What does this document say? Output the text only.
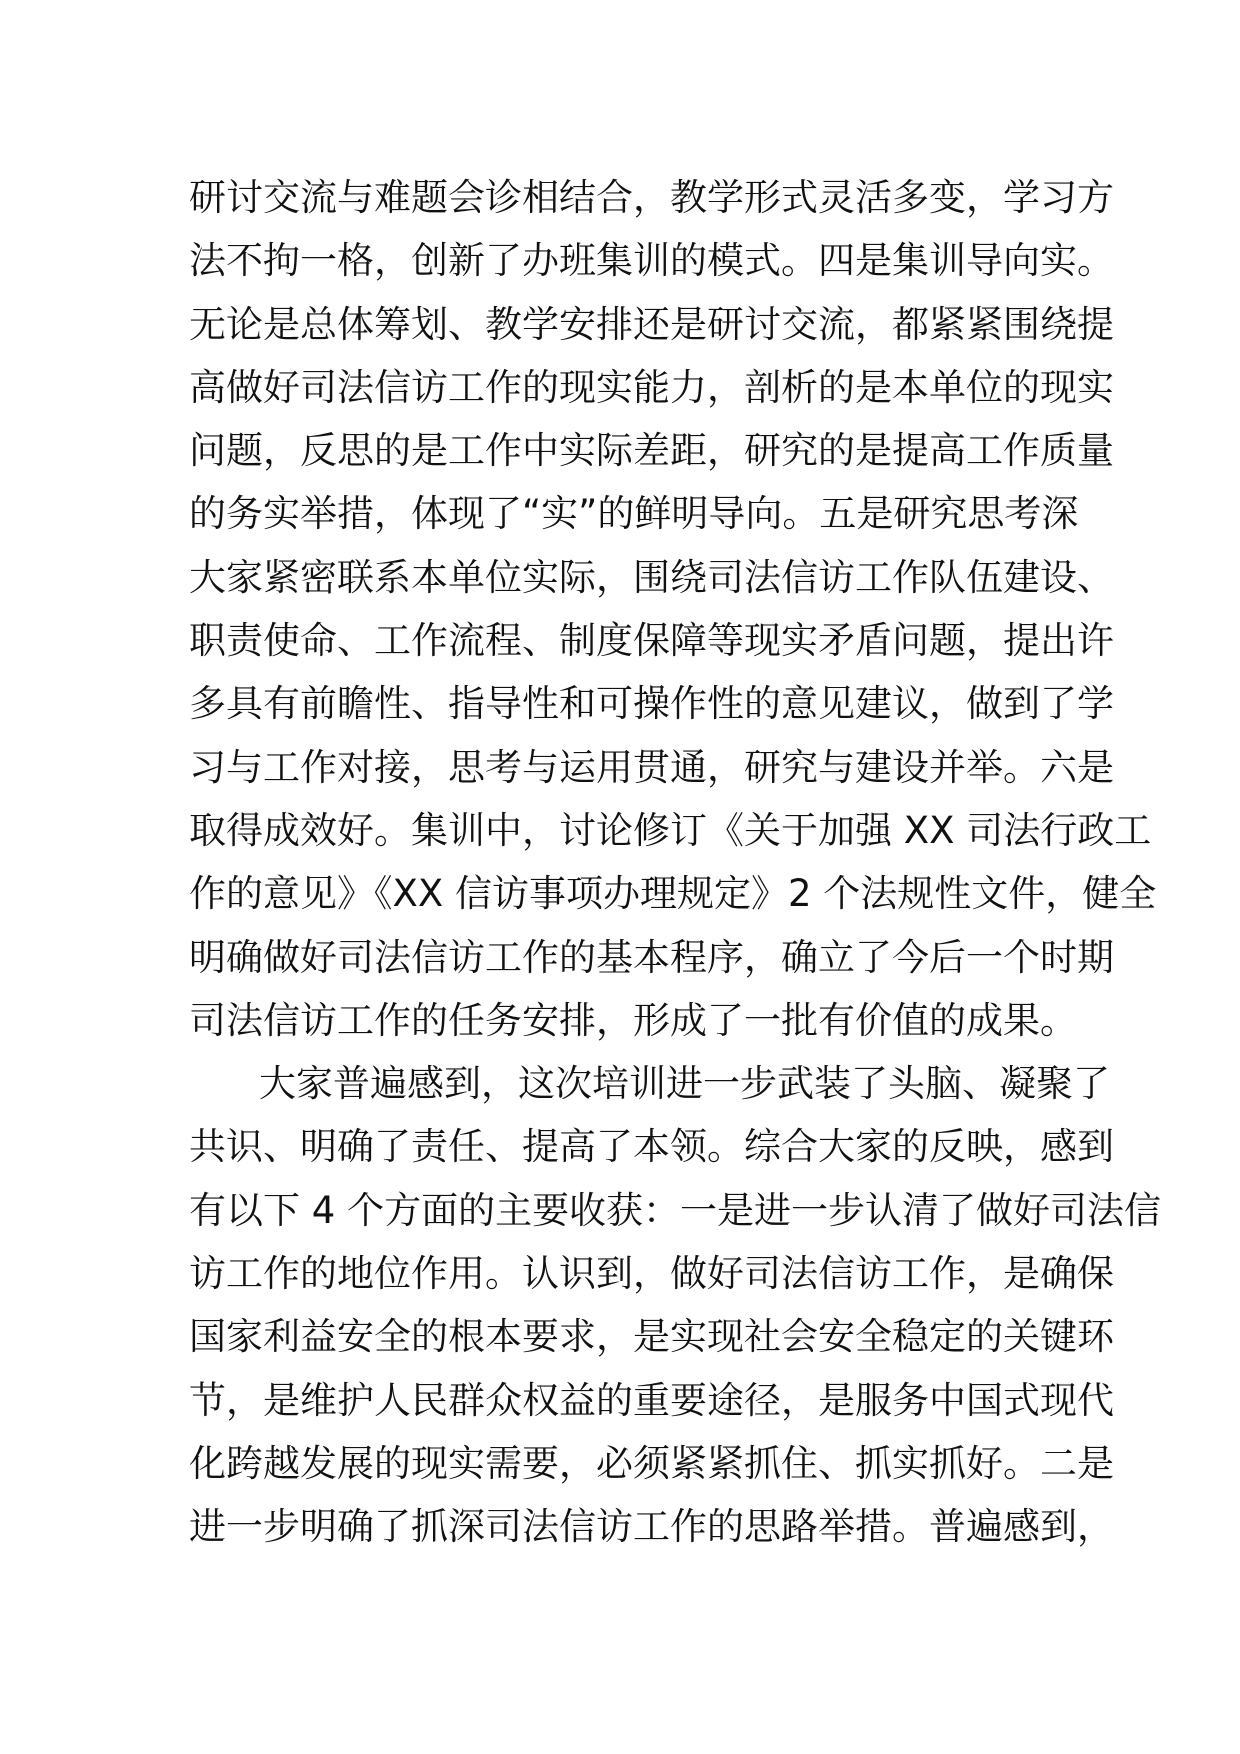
研讨交流与难题会诊相结合，教学形式灵活多变，学习方
法不拘一格，创新了办班集训的模式。四是集训导向实。
无论是总体筹划、教学安排还是研讨交流，都紧紧围绕提
高做好司法信访工作的现实能力，剖析的是本单位的现实
问题，反思的是工作中实际差距，研究的是提高工作质量
的务实举措，体现了“实”的鲜明导向。五是研究思考深
大家紧密联系本单位实际，围绕司法信访工作队伍建设、
职责使命、工作流程、制度保障等现实矛盾问题，提出许
多具有前瞻性、指导性和可操作性的意见建议，做到了学
习与工作对接，思考与运用贯通，研究与建设并举。六是
取得成效好。集训中，讨论修订《关于加强 XX 司法行政工
作的意见》《XX 信访事项办理规定》2 个法规性文件，健全
明确做好司法信访工作的基本程序，确立了今后一个时期
司法信访工作的任务安排，形成了一批有价值的成果。
大家普遍感到，这次培训进一步武装了头脑、凝聚了
共识、明确了责任、提高了本领。综合大家的反映，感到
有以下 4 个方面的主要收获：一是进一步认清了做好司法信
访工作的地位作用。认识到，做好司法信访工作，是确保
国家利益安全的根本要求，是实现社会安全稳定的关键环
节，是维护人民群众权益的重要途径，是服务中国式现代
化跨越发展的现实需要，必须紧紧抓住、抓实抓好。二是
进一步明确了抓深司法信访工作的思路举措。普遍感到，
